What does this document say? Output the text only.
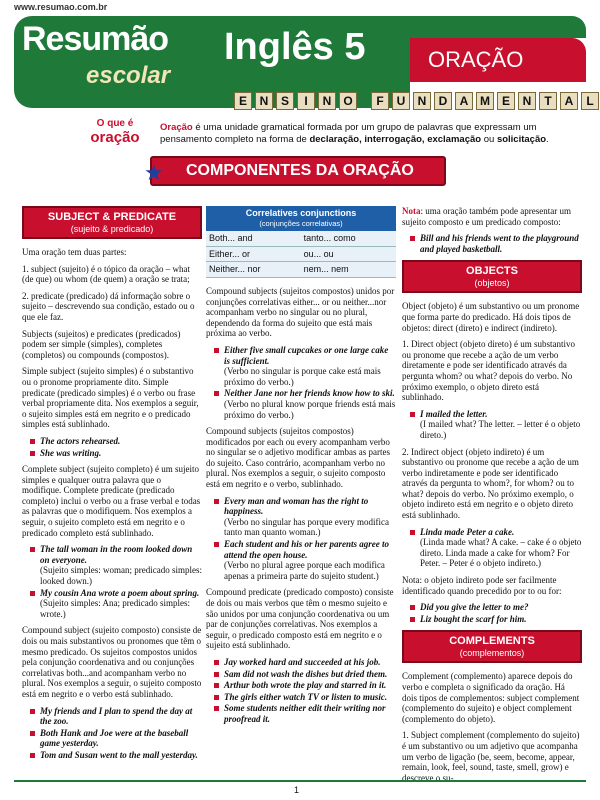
www.resumao.com.br
Resumão
escolar
Inglês 5	ORAÇÃO
E	N	S	I	N	O	F	U	N	D	A M E	N	T	A	L
O que é
oração
Oração é uma unidade gramatical formada por um grupo de palavras que expressam um pensamento completo na forma de declaração, interrogação, exclamação ou solicitação.
★ COMPONENTES DA ORAÇÃO
SUBJECT & PREDICATE
(sujeito & predicado)

Uma oração tem duas partes:

1. subject (sujeito) é o tópico da oração – what (de que) ou whom (de quem) a oração se trata;

2. predicate (predicado) dá informação sobre o sujeito – descrevendo sua condição, estado ou o que ele faz.

Subjects (sujeitos) e predicates (predicados) podem ser simple (simples), completes (completos) ou compounds (compostos).

Simple subject (sujeito simples) é o substantivo ou o pronome propriamente dito. Simple predicate (predicado simples) é o verbo ou frase verbal propriamente dita. Nos exemplos a seguir, o sujeito simples está em negrito e o predicado simples está sublinhado.

The actors rehearsed.
She was writing.

Complete subject (sujeito completo) é um sujeito simples e qualquer outra palavra que o modifique. Complete predicate (predicado completo) inclui o verbo ou a frase verbal e todas as palavras que o modifiquem. Nos exemplos a seguir, o sujeito completo está em negrito e o predicado completo está sublinhado.

The tall woman in the room looked down on everyone.
(Sujeito simples: woman; predicado simples: looked down.)
My cousin Ana wrote a poem about spring.
(Sujeito simples: Ana; predicado simples: wrote.)

Compound subject (sujeito composto) consiste de dois ou mais substantivos ou pronomes que têm o mesmo predicado. Os sujeitos compostos unidos pela conjunção coordenativa and ou conjunções correlativas both...and acompanham verbo no plural. Nos exemplos a seguir, o sujeito composto está em negrito e o verbo está sublinhado.

My friends and I plan to spend the day at the zoo.
Both Hank and Joe were at the baseball game yesterday.
Tom and Susan went to the mall yesterday.
Correlatives conjunctions
(conjunções correlativas)	

Both... and	tanto... como
Either... or	ou... ou
Neither... nor	nem... nem

Compound subjects (sujeitos compostos) unidos por conjunções correlativas either... or ou neither...nor acompanham verbo no singular ou no plural, dependendo da forma do sujeito que está mais próxima ao verbo.

Either five small cupcakes or one large cake is sufficient.
(Verbo no singular is porque cake está mais próximo do verbo.)
Neither Jane nor her friends know how to ski.
(Verbo no plural know porque friends está mais próximo do verbo.)

Compound subjects (sujeitos compostos) modificados por each ou every acompanham verbo no singular se o adjetivo modificar ambas as partes do sujeito. Caso contrário, acompanham verbo no plural. Nos exemplos a seguir, o sujeito composto está em negrito e o verbo, sublinhado.

Every man and woman has the right to happiness.
(Verbo no singular has porque every modifica tanto man quanto woman.)
Each student and his or her parents agree to attend the open house.
(Verbo no plural agree porque each modifica apenas a primeira parte do sujeito student.)

Compound predicate (predicado composto) consiste de dois ou mais verbos que têm o mesmo sujeito e são unidos por uma conjunção coordenativa ou um par de conjunções correlativas. Nos exemplos a seguir, o predicado composto está em negrito e o sujeito está sublinhado.

Jay worked hard and succeeded at his job.
Sam did not wash the dishes but dried them.
Arthur both wrote the play and starred in it.
The girls either watch TV or listen to music.
Some students neither edit their writing nor proofread it.

Nota: uma oração também pode apresentar um sujeito composto e um predicado composto:

Bill and his friends went to the playground and played basketball.
OBJECTS
(objetos)

Object (objeto) é um substantivo ou um pronome que forma parte do predicado. Há dois tipos de objetos: direct (direto) e indirect (indireto).

1. Direct object (objeto direto) é um substantivo ou pronome que recebe a ação de um verbo diretamente e pode ser identificado através da pergunta whom? ou what? depois do verbo. No próximo exemplo, o objeto direto está sublinhado.

I mailed the letter.
(I mailed what? The letter. – letter é o objeto direto.)

2. Indirect object (objeto indireto) é um substantivo ou pronome que recebe a ação de um verbo indiretamente e pode ser identificado através da pergunta to whom?, for whom? ou to what? depois do verbo. No próximo exemplo, o objeto indireto está em negrito e o objeto direto está sublinhado.

Linda made Peter a cake.
(Linda made what? A cake. – cake é o objeto direto. Linda made a cake for whom? For Peter. – Peter é o objeto indireto.)

Nota: o objeto indireto pode ser facilmente identificado quando precedido por to ou for:

Did you give the letter to me?
Liz bought the scarf for him.
COMPLEMENTS
(complementos)

Complement (complemento) aparece depois do verbo e completa o significado da oração. Há dois tipos de complementos: subject complement (complemento do sujeito) e object complement (complemento do objeto).

1. Subject complement (complemento do sujeito) é um substantivo ou um adjetivo que acompanha um verbo de ligação (be, seem, become, appear, remain, look, feel, sound, taste, smell, grow) e descreve o su-

1
